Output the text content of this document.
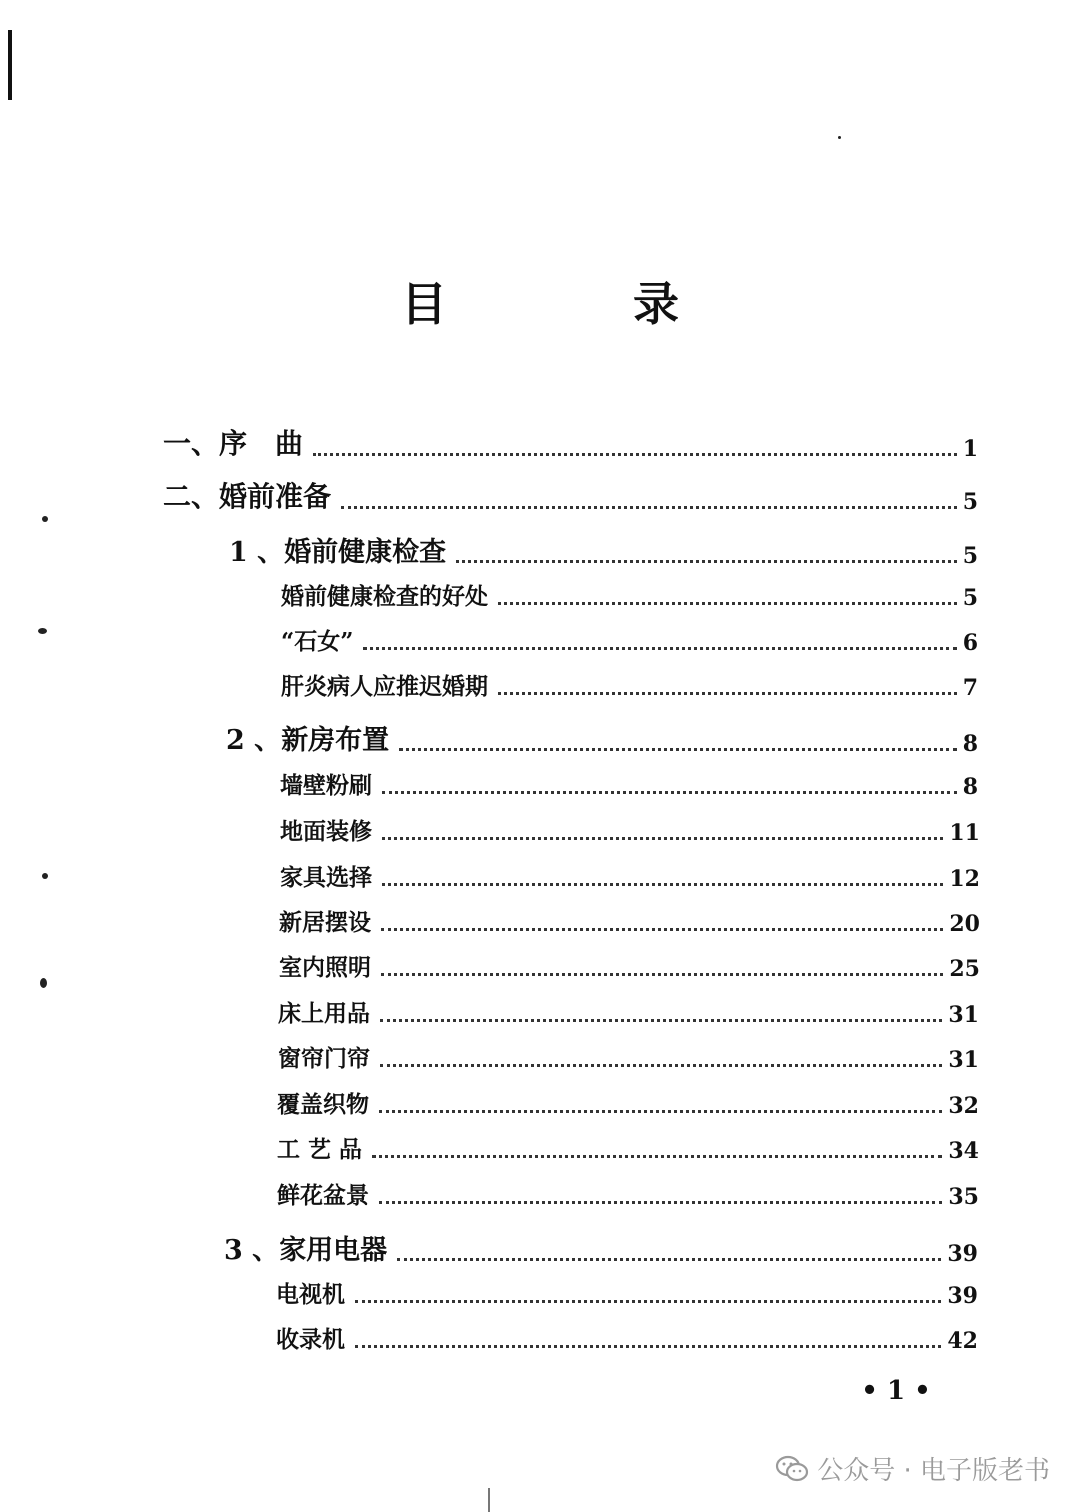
目　录
一、 序　曲	1
二、 婚前准备	5
1 、 婚前健康检查	5
婚前健康检查的好处	5
“石女”	6
肝炎病人应推迟婚期	7
2 、 新房布置	8
墙壁粉刷	8
地面装修	11
家具选择	12
新居摆设	20
室内照明	25
床上用品	31
窗帘门帘	31
覆盖织物	32
工 艺 品	34
鲜花盆景	35
3 、 家用电器	39
电视机	39
收录机	42
• 1 •
公众号 · 电子版老书
